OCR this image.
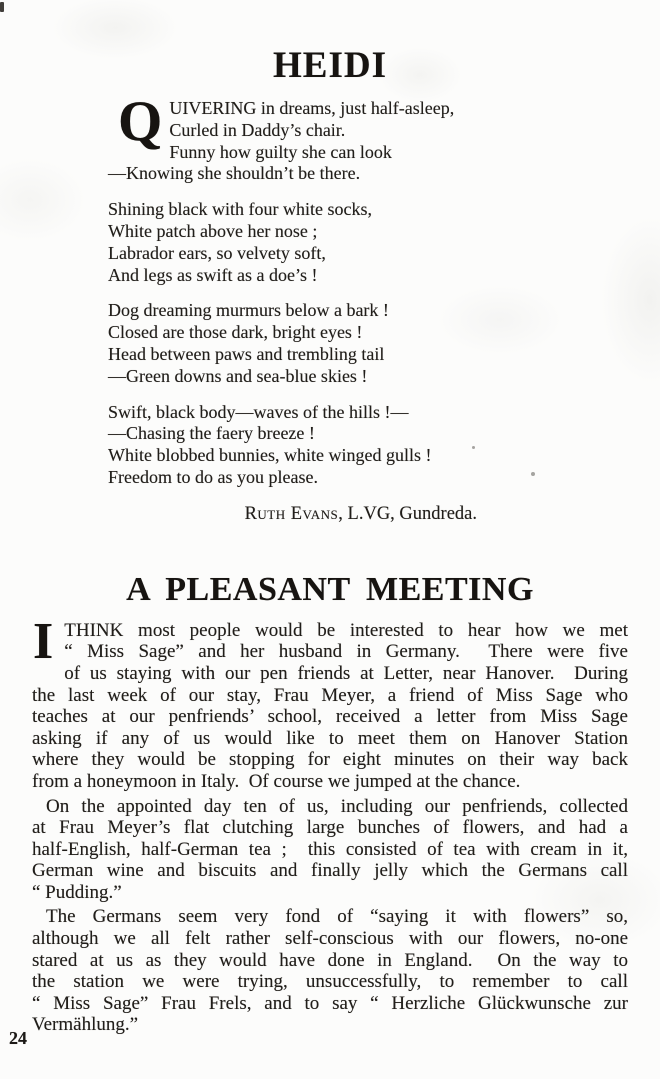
HEIDI
Q UIVERING in dreams, just half-asleep,
Curled in Daddy’s chair.
Funny how guilty she can look
—Knowing she shouldn’t be there.
Shining black with four white socks,
White patch above her nose ;
Labrador ears, so velvety soft,
And legs as swift as a doe’s !
Dog dreaming murmurs below a bark !
Closed are those dark, bright eyes !
Head between paws and trembling tail
—Green downs and sea-blue skies !
Swift, black body—waves of the hills !—
—Chasing the faery breeze !
White blobbed bunnies, white winged gulls !
Freedom to do as you please.
Ruth Evans, L.VG, Gundreda.
A PLEASANT MEETING
I THINK most people would be interested to hear how we met
“ Miss Sage” and her husband in Germany.  There were five
of us staying with our pen friends at Letter, near Hanover.  During
the last week of our stay, Frau Meyer, a friend of Miss Sage who
teaches at our penfriends’ school, received a letter from Miss Sage
asking if any of us would like to meet them on Hanover Station
where they would be stopping for eight minutes on their way back
from a honeymoon in Italy.  Of course we jumped at the chance.
On the appointed day ten of us, including our penfriends, collected
at Frau Meyer’s flat clutching large bunches of flowers, and had a
half-English, half-German tea ;  this consisted of tea with cream in it,
German wine and biscuits and finally jelly which the Germans call
“ Pudding.”
The Germans seem very fond of “saying it with flowers” so,
although we all felt rather self-conscious with our flowers, no-one
stared at us as they would have done in England.  On the way to
the station we were trying, unsuccessfully, to remember to call
“ Miss Sage” Frau Frels, and to say “ Herzliche Glückwunsche zur
Vermählung.”
24
